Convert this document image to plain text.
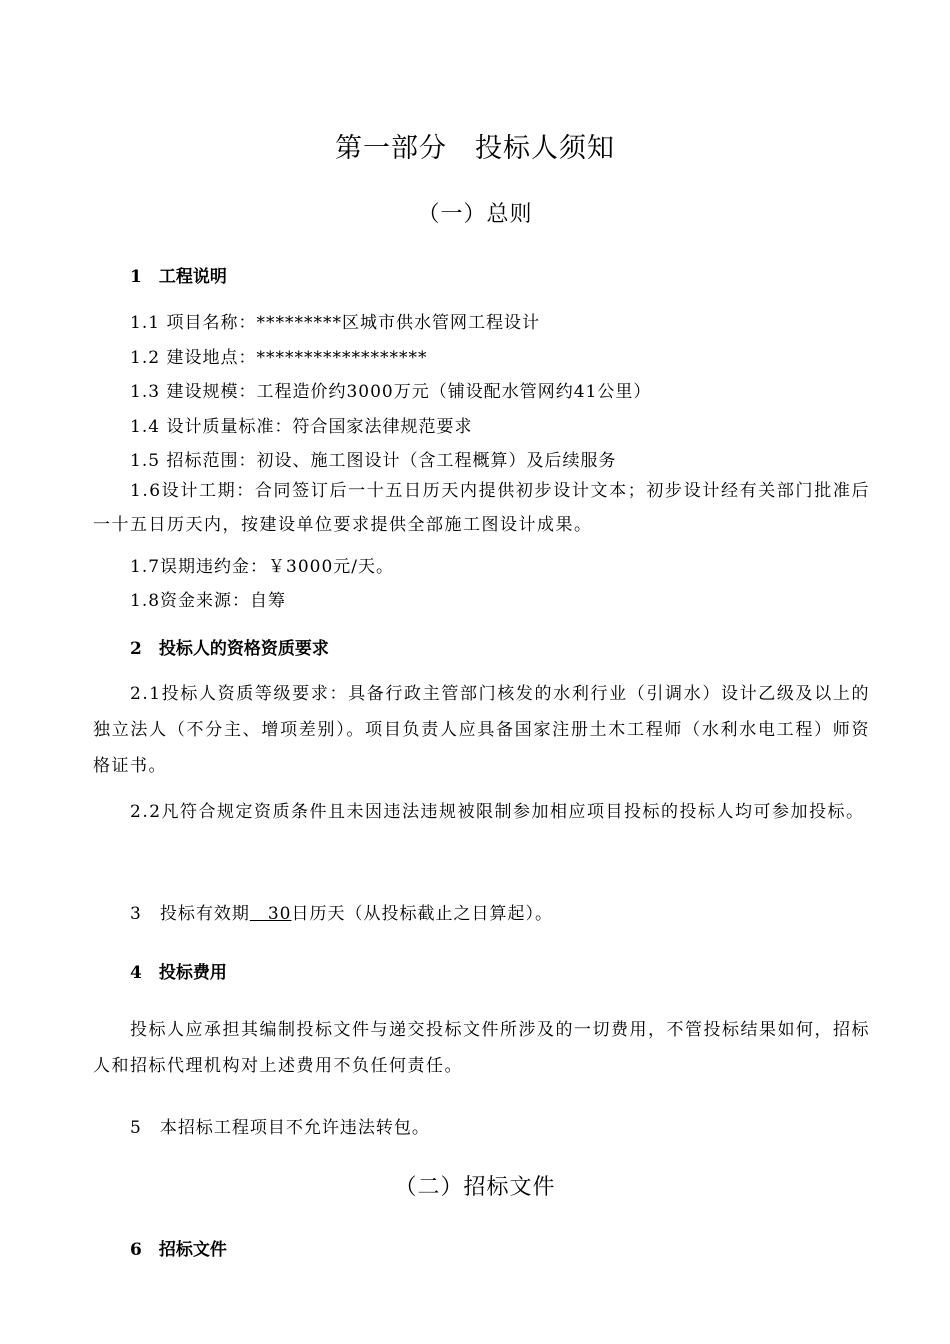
第一部分　投标人须知
（一）总则
1　工程说明
1.1 项目名称：*********区城市供水管网工程设计
1.2 建设地点：******************
1.3 建设规模：工程造价约3000万元（铺设配水管网约41公里）
1.4 设计质量标准：符合国家法律规范要求
1.5 招标范围：初设、施工图设计（含工程概算）及后续服务
1.6设计工期：合同签订后一十五日历天内提供初步设计文本；初步设计经有关部门批准后一十五日历天内，按建设单位要求提供全部施工图设计成果。
1.7误期违约金：￥3000元/天。
1.8资金来源：自筹
2　投标人的资格资质要求
2.1投标人资质等级要求：具备行政主管部门核发的水利行业（引调水）设计乙级及以上的独立法人（不分主、增项差别）。项目负责人应具备国家注册土木工程师（水利水电工程）师资格证书。
2.2凡符合规定资质条件且未因违法违规被限制参加相应项目投标的投标人均可参加投标。
3　投标有效期　30日历天（从投标截止之日算起）。
4　投标费用
投标人应承担其编制投标文件与递交投标文件所涉及的一切费用，不管投标结果如何，招标人和招标代理机构对上述费用不负任何责任。
5　本招标工程项目不允许违法转包。
（二）招标文件
6　招标文件
